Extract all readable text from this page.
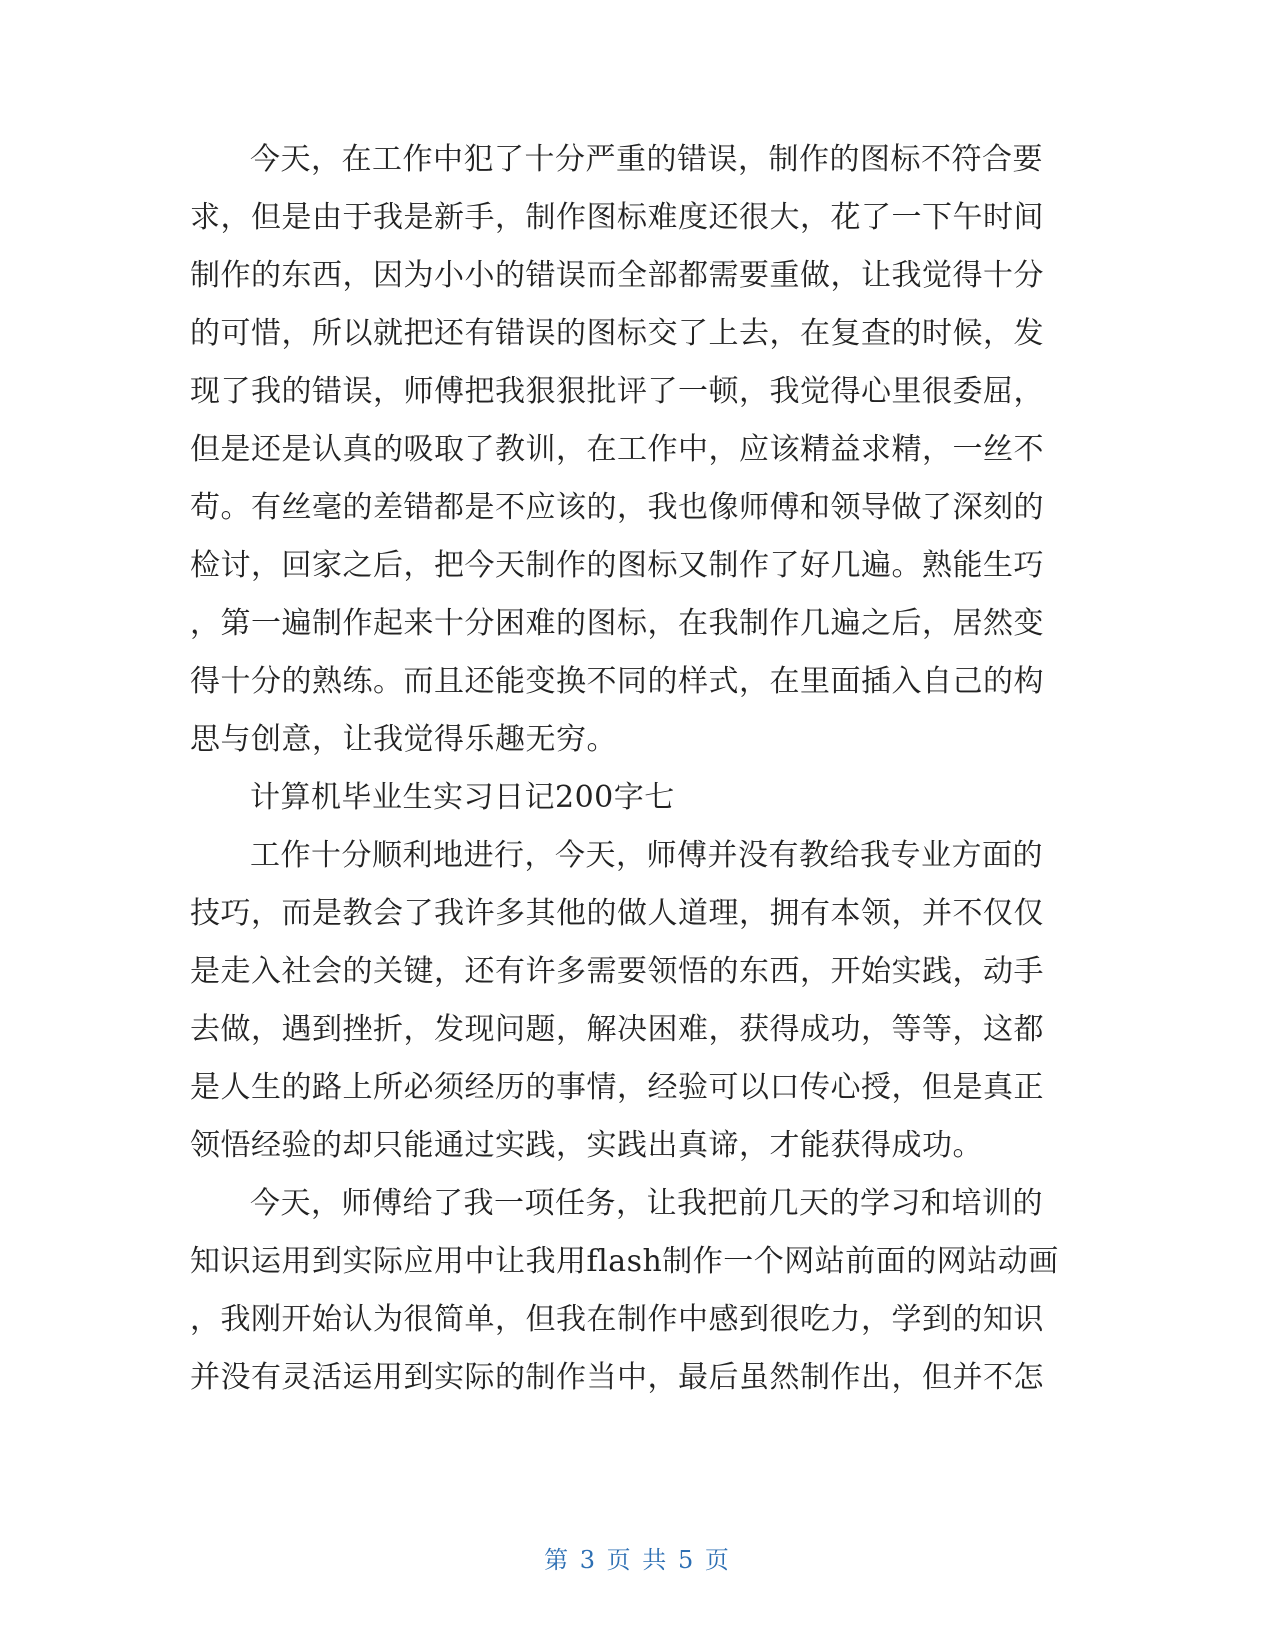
今天，在工作中犯了十分严重的错误，制作的图标不符合要
求，但是由于我是新手，制作图标难度还很大，花了一下午时间
制作的东西，因为小小的错误而全部都需要重做，让我觉得十分
的可惜，所以就把还有错误的图标交了上去，在复查的时候，发
现了我的错误，师傅把我狠狠批评了一顿，我觉得心里很委屈，
但是还是认真的吸取了教训，在工作中，应该精益求精，一丝不
苟。有丝毫的差错都是不应该的，我也像师傅和领导做了深刻的
检讨，回家之后，把今天制作的图标又制作了好几遍。熟能生巧
，第一遍制作起来十分困难的图标，在我制作几遍之后，居然变
得十分的熟练。而且还能变换不同的样式，在里面插入自己的构
思与创意，让我觉得乐趣无穷。
计算机毕业生实习日记200字七
工作十分顺利地进行，今天，师傅并没有教给我专业方面的
技巧，而是教会了我许多其他的做人道理，拥有本领，并不仅仅
是走入社会的关键，还有许多需要领悟的东西，开始实践，动手
去做，遇到挫折，发现问题，解决困难，获得成功，等等，这都
是人生的路上所必须经历的事情，经验可以口传心授，但是真正
领悟经验的却只能通过实践，实践出真谛，才能获得成功。
今天，师傅给了我一项任务，让我把前几天的学习和培训的
知识运用到实际应用中让我用flash制作一个网站前面的网站动画
，我刚开始认为很简单，但我在制作中感到很吃力，学到的知识
并没有灵活运用到实际的制作当中，最后虽然制作出，但并不怎
第 3 页 共 5 页
